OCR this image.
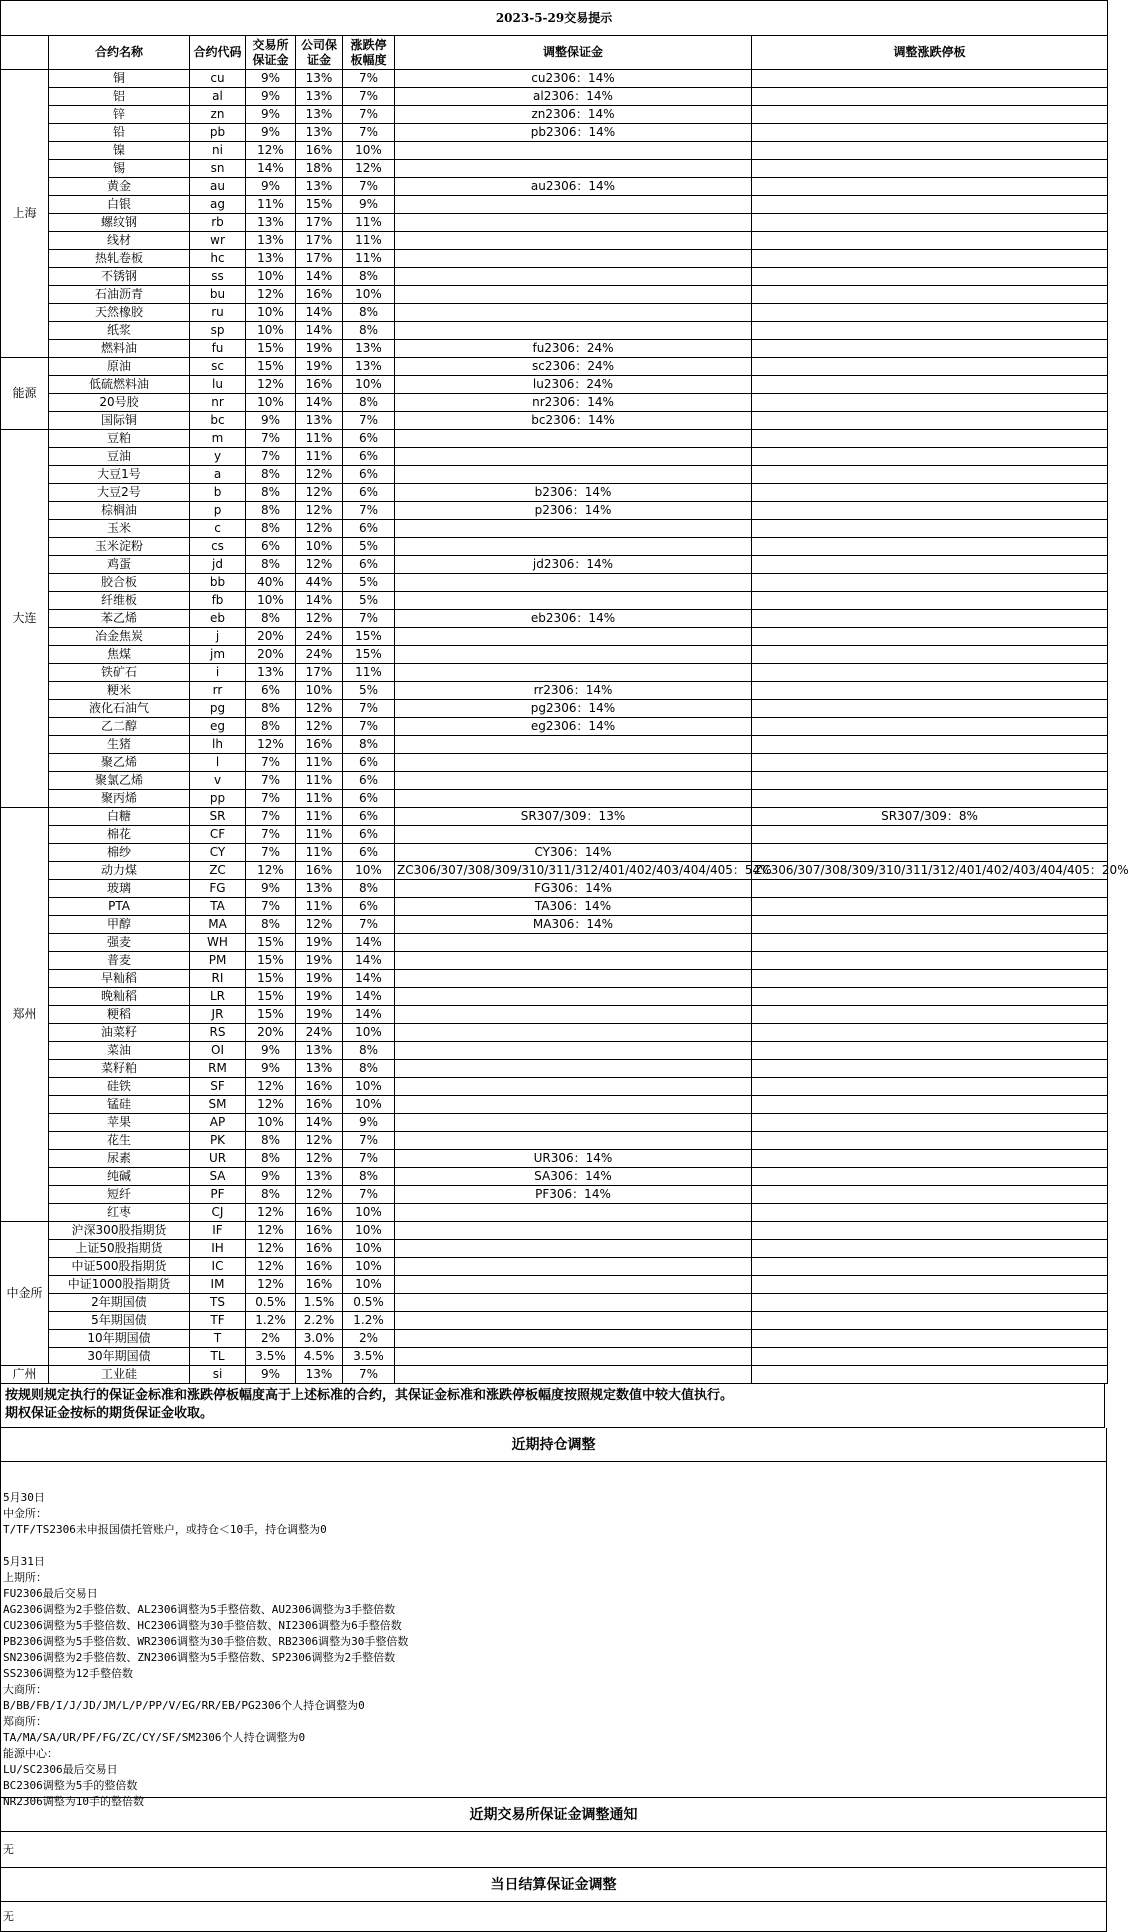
2023-5-29交易提示							
	合约名称	合约代码	交易所保证金	公司保证金	涨跌停板幅度	调整保证金	调整涨跌停板
上海	铜	cu	9%	13%	7%	cu2306：14%	
	铝	al	9%	13%	7%	al2306：14%	
	锌	zn	9%	13%	7%	zn2306：14%	
	铅	pb	9%	13%	7%	pb2306：14%	
	镍	ni	12%	16%	10%		
	锡	sn	14%	18%	12%		
	黄金	au	9%	13%	7%	au2306：14%	
	白银	ag	11%	15%	9%		
	螺纹钢	rb	13%	17%	11%		
	线材	wr	13%	17%	11%		
	热轧卷板	hc	13%	17%	11%		
	不锈钢	ss	10%	14%	8%		
	石油沥青	bu	12%	16%	10%		
	天然橡胶	ru	10%	14%	8%		
	纸浆	sp	10%	14%	8%		
	燃料油	fu	15%	19%	13%	fu2306：24%	
能源	原油	sc	15%	19%	13%	sc2306：24%	
	低硫燃料油	lu	12%	16%	10%	lu2306：24%	
	20号胶	nr	10%	14%	8%	nr2306：14%	
	国际铜	bc	9%	13%	7%	bc2306：14%	
大连	豆粕	m	7%	11%	6%		
	豆油	y	7%	11%	6%		
	大豆1号	a	8%	12%	6%		
	大豆2号	b	8%	12%	6%	b2306：14%	
	棕榈油	p	8%	12%	7%	p2306：14%	
	玉米	c	8%	12%	6%		
	玉米淀粉	cs	6%	10%	5%		
	鸡蛋	jd	8%	12%	6%	jd2306：14%	
	胶合板	bb	40%	44%	5%		
	纤维板	fb	10%	14%	5%		
	苯乙烯	eb	8%	12%	7%	eb2306：14%	
	冶金焦炭	j	20%	24%	15%		
	焦煤	jm	20%	24%	15%		
	铁矿石	i	13%	17%	11%		
	粳米	rr	6%	10%	5%	rr2306：14%	
	液化石油气	pg	8%	12%	7%	pg2306：14%	
	乙二醇	eg	8%	12%	7%	eg2306：14%	
	生猪	lh	12%	16%	8%		
	聚乙烯	l	7%	11%	6%		
	聚氯乙烯	v	7%	11%	6%		
	聚丙烯	pp	7%	11%	6%		
郑州	白糖	SR	7%	11%	6%	SR307/309：13%	SR307/309：8%
	棉花	CF	7%	11%	6%		
	棉纱	CY	7%	11%	6%	CY306：14%	
	动力煤	ZC	12%	16%	10%	ZC306/307/308/309/310/311/312/401/402/403/404/405：54%	ZC306/307/308/309/310/311/312/401/402/403/404/405：20%
	玻璃	FG	9%	13%	8%	FG306：14%	
	PTA	TA	7%	11%	6%	TA306：14%	
	甲醇	MA	8%	12%	7%	MA306：14%	
	强麦	WH	15%	19%	14%		
	普麦	PM	15%	19%	14%		
	早籼稻	RI	15%	19%	14%		
	晚籼稻	LR	15%	19%	14%		
	粳稻	JR	15%	19%	14%		
	油菜籽	RS	20%	24%	10%		
	菜油	OI	9%	13%	8%		
	菜籽粕	RM	9%	13%	8%		
	硅铁	SF	12%	16%	10%		
	锰硅	SM	12%	16%	10%		
	苹果	AP	10%	14%	9%		
	花生	PK	8%	12%	7%		
	尿素	UR	8%	12%	7%	UR306：14%	
	纯碱	SA	9%	13%	8%	SA306：14%	
	短纤	PF	8%	12%	7%	PF306：14%	
	红枣	CJ	12%	16%	10%		
中金所	沪深300股指期货	IF	12%	16%	10%		
	上证50股指期货	IH	12%	16%	10%		
	中证500股指期货	IC	12%	16%	10%		
	中证1000股指期货	IM	12%	16%	10%		
	2年期国债	TS	0.5%	1.5%	0.5%		
	5年期国债	TF	1.2%	2.2%	1.2%		
	10年期国债	T	2%	3.0%	2%		
	30年期国债	TL	3.5%	4.5%	3.5%		
广州	工业硅	si	9%	13%	7%		
按规则规定执行的保证金标准和涨跌停板幅度高于上述标准的合约，其保证金标准和涨跌停板幅度按照规定数值中较大值执行。
期权保证金按标的期货保证金收取。
近期持仓调整
5月30日
中金所：
T/TF/TS2306未申报国债托管账户，或持仓＜10手，持仓调整为0

5月31日
上期所：
FU2306最后交易日
AG2306调整为2手整倍数、AL2306调整为5手整倍数、AU2306调整为3手整倍数
CU2306调整为5手整倍数、HC2306调整为30手整倍数、NI2306调整为6手整倍数
PB2306调整为5手整倍数、WR2306调整为30手整倍数、RB2306调整为30手整倍数
SN2306调整为2手整倍数、ZN2306调整为5手整倍数、SP2306调整为2手整倍数
SS2306调整为12手整倍数
大商所：
B/BB/FB/I/J/JD/JM/L/P/PP/V/EG/RR/EB/PG2306个人持仓调整为0
郑商所：
TA/MA/SA/UR/PF/FG/ZC/CY/SF/SM2306个人持仓调整为0
能源中心：
LU/SC2306最后交易日
BC2306调整为5手的整倍数
NR2306调整为10手的整倍数
近期交易所保证金调整通知
无
当日结算保证金调整
无
